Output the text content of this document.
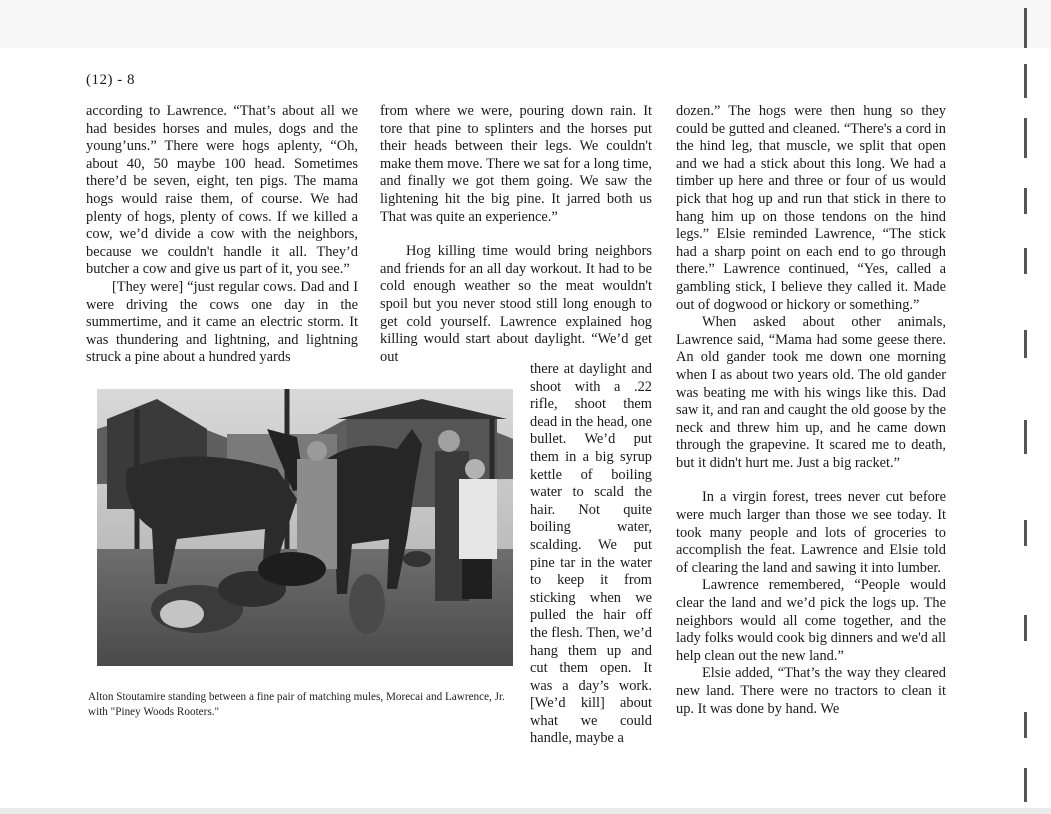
(12) - 8

according to Lawrence. “That’s about all we had besides horses and mules, dogs and the young’uns.” There were hogs aplenty, “Oh, about 40, 50 maybe 100 head. Sometimes there’d be seven, eight, ten pigs. The mama hogs would raise them, of course. We had plenty of hogs, plenty of cows. If we killed a cow, we’d divide a cow with the neighbors, because we couldn't handle it all. They’d butcher a cow and give us part of it, you see.”

[They were] “just regular cows. Dad and I were driving the cows one day in the summertime, and it came an electric storm. It was thundering and lightning, and lightning struck a pine about a hundred yards

from where we were, pouring down rain. It tore that pine to splinters and the horses put their heads between their legs. We couldn't make them move. There we sat for a long time, and finally we got them going. We saw the lightening hit the big pine. It jarred both us That was quite an experience.”

Hog killing time would bring neighbors and friends for an all day workout. It had to be cold enough weather so the meat wouldn't spoil but you never stood still long enough to get cold yourself. Lawrence explained hog killing would start about daylight. “We’d get out

there at daylight and shoot with a .22 rifle, shoot them dead in the head, one bullet. We’d put them in a big syrup kettle of boiling water to scald the hair. Not quite boiling water, scalding. We put pine tar in the water to keep it from sticking when we pulled the hair off the flesh. Then, we’d hang them up and cut them open. It was a day’s work. [We’d kill] about what we could handle, maybe a

dozen.” The hogs were then hung so they could be gutted and cleaned. “There's a cord in the hind leg, that muscle, we split that open and we had a stick about this long. We had a timber up here and three or four of us would pick that hog up and run that stick in there to hang him up on those tendons on the hind legs.” Elsie reminded Lawrence, “The stick had a sharp point on each end to go through there.” Lawrence continued, “Yes, called a gambling stick, I believe they called it. Made out of dogwood or hickory or something.”

When asked about other animals, Lawrence said, “Mama had some geese there. An old gander took me down one morning when I as about two years old. The old gander was beating me with his wings like this. Dad saw it, and ran and caught the old goose by the neck and threw him up, and he came down through the grapevine. It scared me to death, but it didn't hurt me. Just a big racket.”

In a virgin forest, trees never cut before were much larger than those we see today. It took many people and lots of groceries to accomplish the feat. Lawrence and Elsie told of clearing the land and sawing it into lumber.

Lawrence remembered, “People would clear the land and we’d pick the logs up. The neighbors would all come together, and the lady folks would cook big dinners and we'd all help clean out the new land.”

Elsie added, “That’s the way they cleared new land. There were no tractors to clean it up. It was done by hand. We

Alton Stoutamire standing between a fine pair of matching mules, Morecai and Lawrence, Jr. with "Piney Woods Rooters."
